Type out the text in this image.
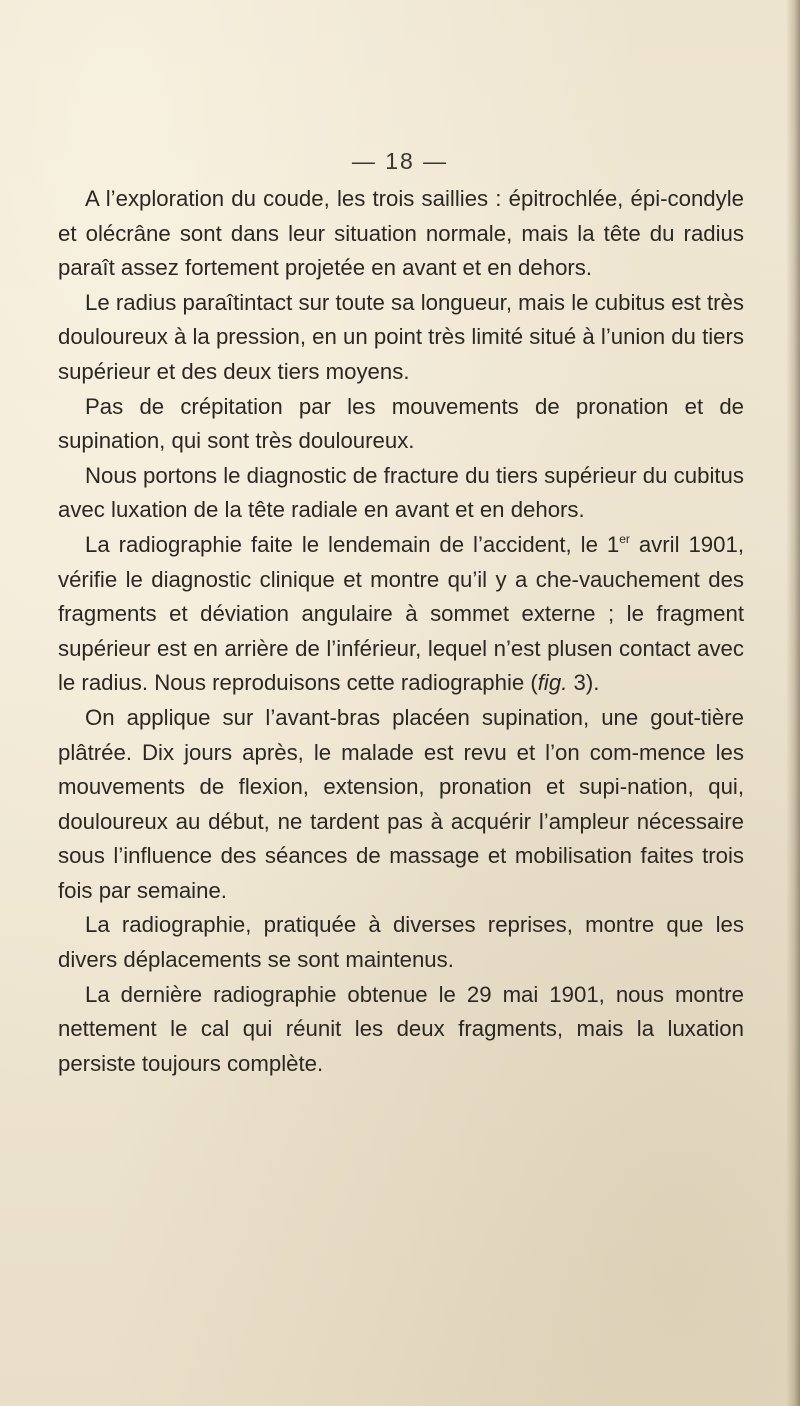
— 18 —

A l’exploration du coude, les trois saillies : épitrochlée, épi-condyle et olécrâne sont dans leur situation normale, mais la tête du radius paraît assez fortement projetée en avant et en dehors.

Le radius paraîtintact sur toute sa longueur, mais le cubitus est très douloureux à la pression, en un point très limité situé à l’union du tiers supérieur et des deux tiers moyens.

Pas de crépitation par les mouvements de pronation et de supination, qui sont très douloureux.

Nous portons le diagnostic de fracture du tiers supérieur du cubitus avec luxation de la tête radiale en avant et en dehors.

La radiographie faite le lendemain de l’accident, le 1er avril 1901, vérifie le diagnostic clinique et montre qu’il y a che-vauchement des fragments et déviation angulaire à sommet externe ; le fragment supérieur est en arrière de l’inférieur, lequel n’est plusen contact avec le radius. Nous reproduisons cette radiographie (fig. 3).

On applique sur l’avant-bras placéen supination, une gout-tière plâtrée. Dix jours après, le malade est revu et l’on com-mence les mouvements de flexion, extension, pronation et supi-nation, qui, douloureux au début, ne tardent pas à acquérir l’ampleur nécessaire sous l’influence des séances de massage et mobilisation faites trois fois par semaine.

La radiographie, pratiquée à diverses reprises, montre que les divers déplacements se sont maintenus.

La dernière radiographie obtenue le 29 mai 1901, nous montre nettement le cal qui réunit les deux fragments, mais la luxation persiste toujours complète.
